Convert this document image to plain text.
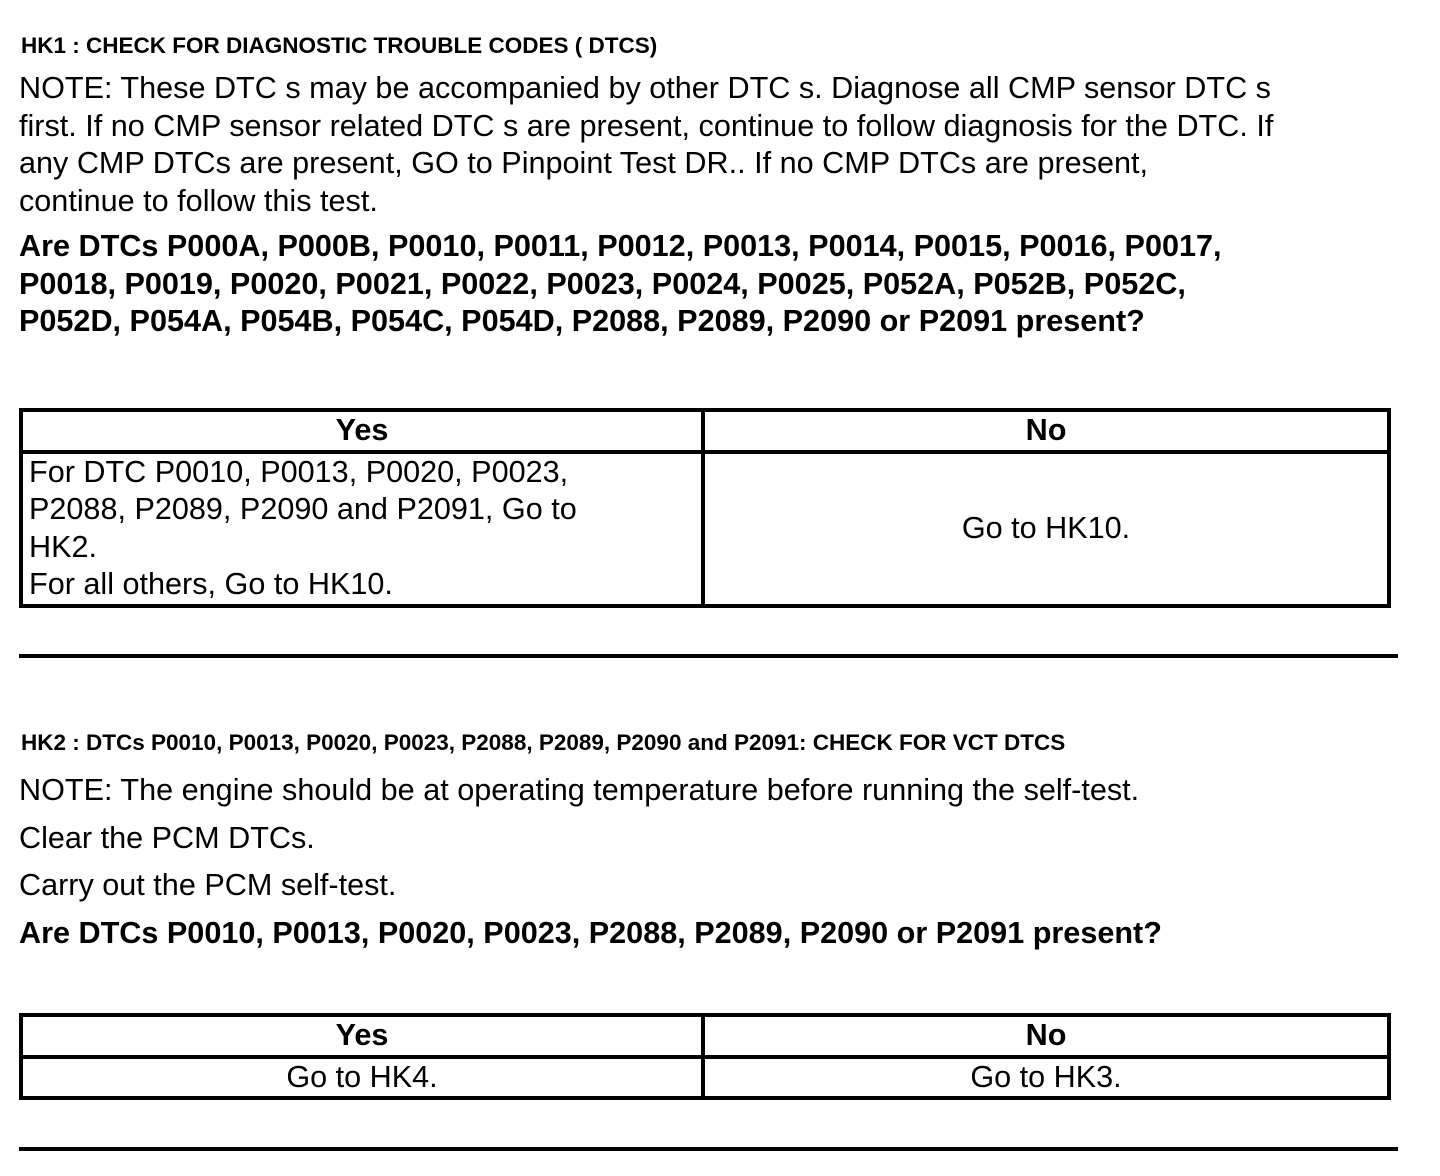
HK1 : CHECK FOR DIAGNOSTIC TROUBLE CODES ( DTCS)

NOTE: These DTC s may be accompanied by other DTC s. Diagnose all CMP sensor DTC s
first. If no CMP sensor related DTC s are present, continue to follow diagnosis for the DTC. If
any CMP DTCs are present, GO to Pinpoint Test DR.. If no CMP DTCs are present,
continue to follow this test.

Are DTCs P000A, P000B, P0010, P0011, P0012, P0013, P0014, P0015, P0016, P0017,
P0018, P0019, P0020, P0021, P0022, P0023, P0024, P0025, P052A, P052B, P052C,
P052D, P054A, P054B, P054C, P054D, P2088, P2089, P2090 or P2091 present?

Yes	No

For DTC P0010, P0013, P0020, P0023,
P2088, P2089, P2090 and P2091, Go to
HK2.
For all others, Go to HK10.	Go to HK10.

HK2 : DTCs P0010, P0013, P0020, P0023, P2088, P2089, P2090 and P2091: CHECK FOR VCT DTCS

NOTE: The engine should be at operating temperature before running the self-test.

Clear the PCM DTCs.

Carry out the PCM self-test.

Are DTCs P0010, P0013, P0020, P0023, P2088, P2089, P2090 or P2091 present?

Yes	No
Go to HK4.	Go to HK3.
